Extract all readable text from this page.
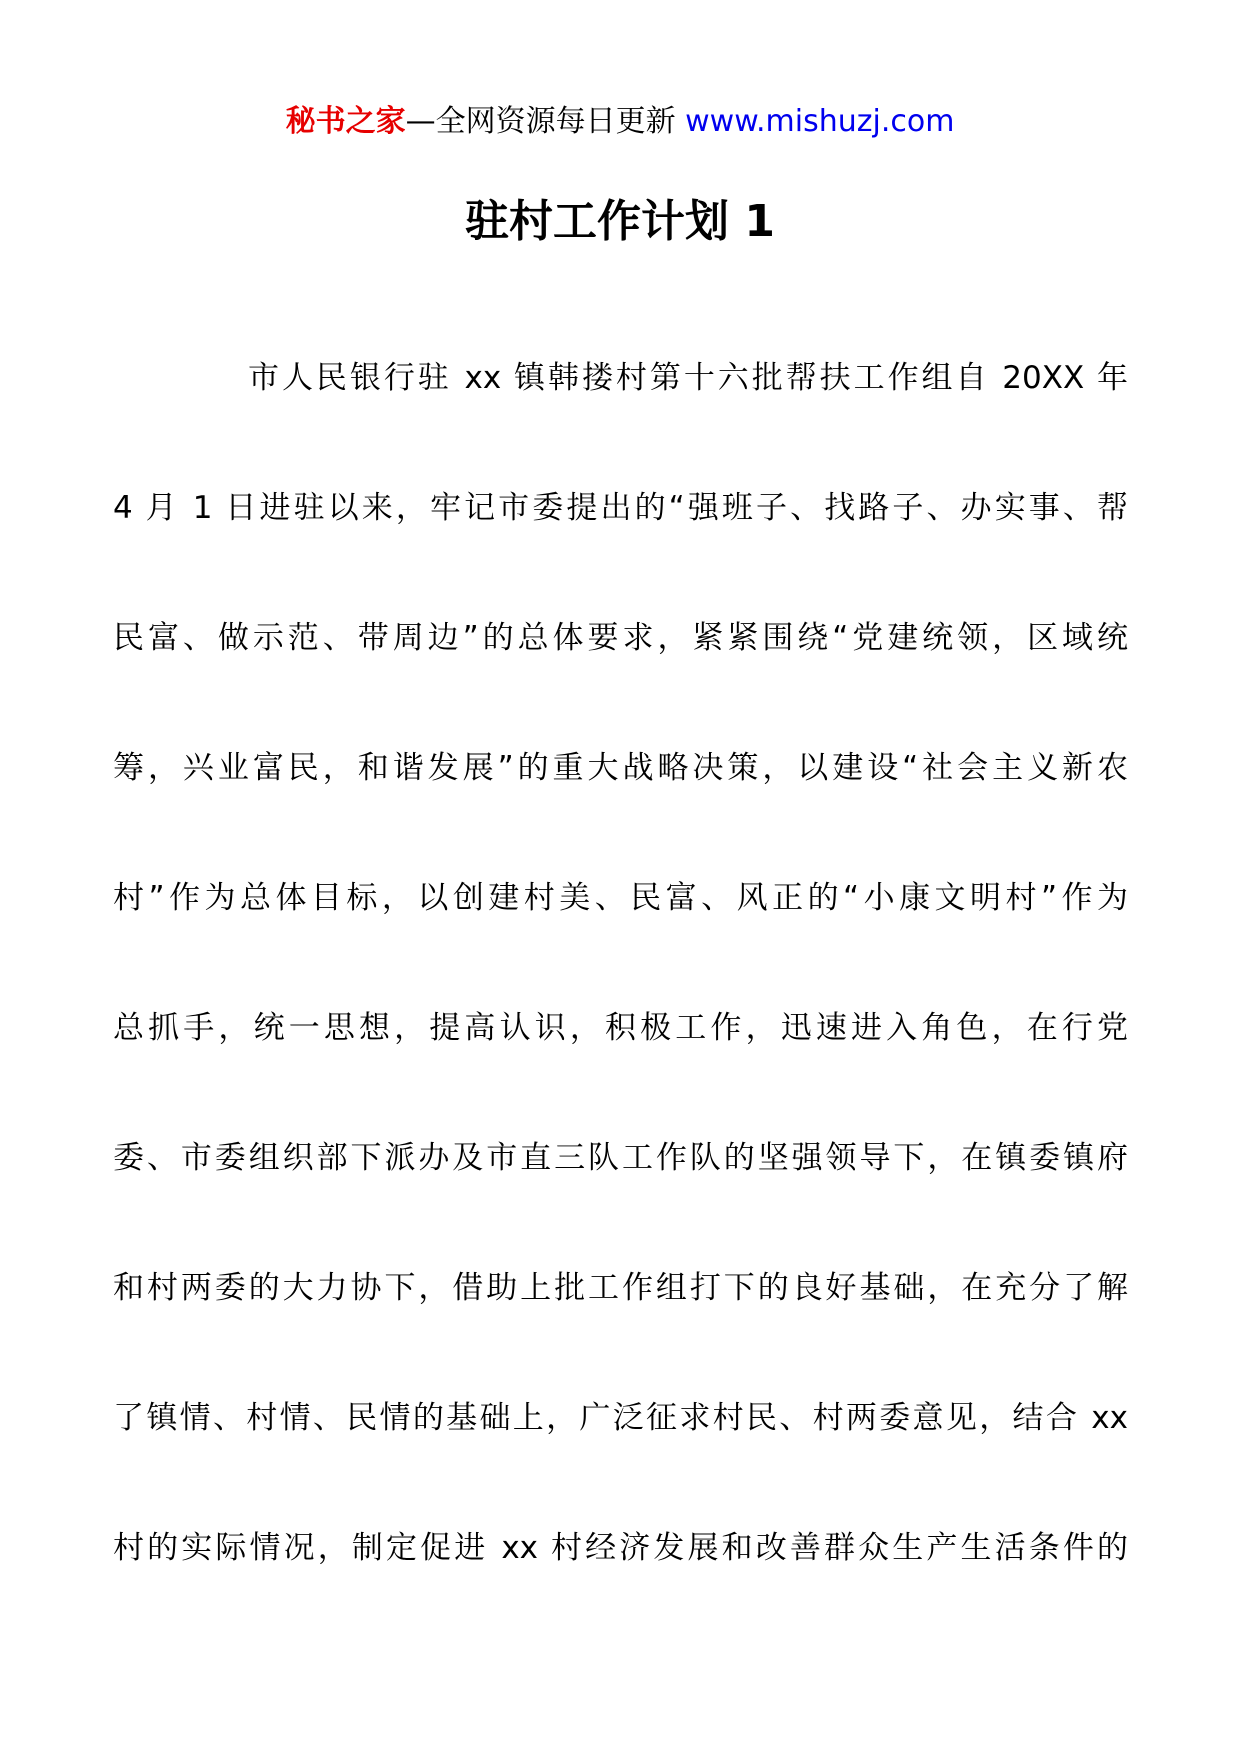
秘书之家—全网资源每日更新 www.mishuzj.com
驻村工作计划 1
市人民银行驻 xx 镇韩搂村第十六批帮扶工作组自 20XX 年
4 月 1 日进驻以来，牢记市委提出的“强班子、找路子、办实事、帮
民富、做示范、带周边”的总体要求，紧紧围绕“党建统领，区域统
筹，兴业富民，和谐发展”的重大战略决策，以建设“社会主义新农
村”作为总体目标，以创建村美、民富、风正的“小康文明村”作为
总抓手，统一思想，提高认识，积极工作，迅速进入角色，在行党
委、市委组织部下派办及市直三队工作队的坚强领导下，在镇委镇府
和村两委的大力协下，借助上批工作组打下的良好基础，在充分了解
了镇情、村情、民情的基础上，广泛征求村民、村两委意见，结合 xx
村的实际情况，制定促进 xx 村经济发展和改善群众生产生活条件的
